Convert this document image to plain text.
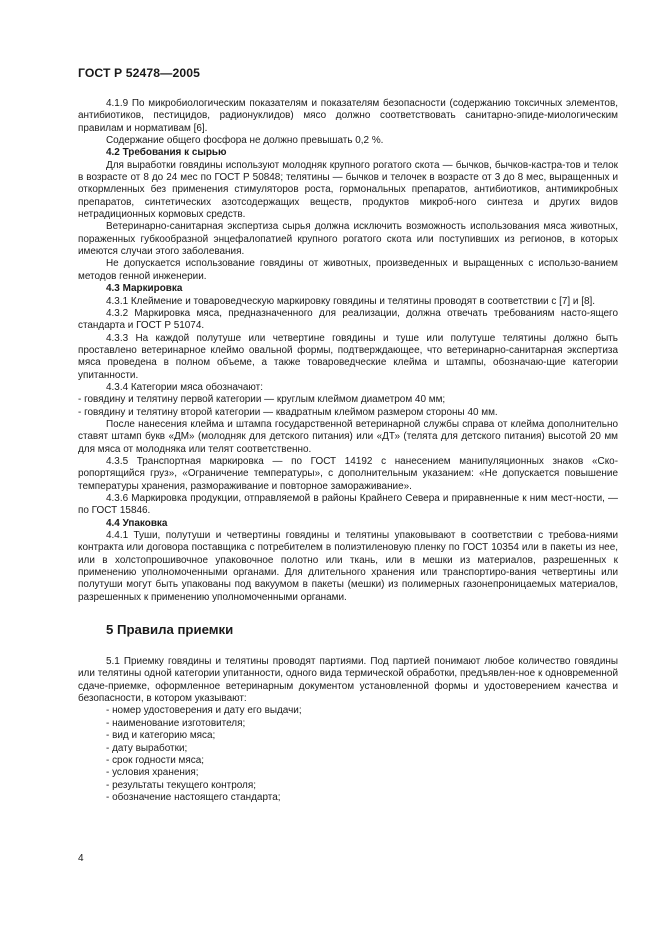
ГОСТ Р 52478—2005

4.1.9 По микробиологическим показателям и показателям безопасности (содержанию токсичных элементов, антибиотиков, пестицидов, радионуклидов) мясо должно соответствовать санитарно-эпиде-миологическим правилам и нормативам [6].

Содержание общего фосфора не должно превышать 0,2 %.

4.2 Требования к сырью

Для выработки говядины используют молодняк крупного рогатого скота — бычков, бычков-кастра-тов и телок в возрасте от 8 до 24 мес по ГОСТ Р 50848; телятины — бычков и телочек в возрасте от 3 до 8 мес, выращенных и откормленных без применения стимуляторов роста, гормональных препаратов, антибиотиков, антимикробных препаратов, синтетических азотсодержащих веществ, продуктов микроб-ного синтеза и других видов нетрадиционных кормовых средств.

Ветеринарно-санитарная экспертиза сырья должна исключить возможность использования мяса животных, пораженных губкообразной энцефалопатией крупного рогатого скота или поступивших из регионов, в которых имеются случаи этого заболевания.

Не допускается использование говядины от животных, произведенных и выращенных с использо-ванием методов генной инженерии.

4.3 Маркировка

4.3.1 Клеймение и товароведческую маркировку говядины и телятины проводят в соответствии с [7] и [8].

4.3.2 Маркировка мяса, предназначенного для реализации, должна отвечать требованиям насто-ящего стандарта и ГОСТ Р 51074.

4.3.3 На каждой полутуше или четвертине говядины и туше или полутуше телятины должно быть проставлено ветеринарное клеймо овальной формы, подтверждающее, что ветеринарно-санитарная экспертиза мяса проведена в полном объеме, а также товароведческие клейма и штампы, обозначаю-щие категории упитанности.

4.3.4 Категории мяса обозначают:

- говядину и телятину первой категории — круглым клеймом диаметром 40 мм;

- говядину и телятину второй категории — квадратным клеймом размером стороны 40 мм.

После нанесения клейма и штампа государственной ветеринарной службы справа от клейма дополнительно ставят штамп букв «ДМ» (молодняк для детского питания) или «ДТ» (телята для детского питания) высотой 20 мм для мяса от молодняка или телят соответственно.

4.3.5 Транспортная маркировка — по ГОСТ 14192 с нанесением манипуляционных знаков «Ско-ропортящийся груз», «Ограничение температуры», с дополнительным указанием: «Не допускается повышение температуры хранения, размораживание и повторное замораживание».

4.3.6 Маркировка продукции, отправляемой в районы Крайнего Севера и приравненные к ним мест-ности, — по ГОСТ 15846.

4.4 Упаковка

4.4.1 Туши, полутуши и четвертины говядины и телятины упаковывают в соответствии с требова-ниями контракта или договора поставщика с потребителем в полиэтиленовую пленку по ГОСТ 10354 или в пакеты из нее, или в холстопрошивочное упаковочное полотно или ткань, или в мешки из материалов, разрешенных к применению уполномоченными органами. Для длительного хранения или транспортиро-вания четвертины или полутуши могут быть упакованы под вакуумом в пакеты (мешки) из полимерных газонепроницаемых материалов, разрешенных к применению уполномоченными органами.

5 Правила приемки

5.1 Приемку говядины и телятины проводят партиями. Под партией понимают любое количество говядины или телятины одной категории упитанности, одного вида термической обработки, предъявлен-ное к одновременной сдаче-приемке, оформленное ветеринарным документом установленной формы и удостоверением качества и безопасности, в котором указывают:

- номер удостоверения и дату его выдачи;

- наименование изготовителя;

- вид и категорию мяса;

- дату выработки;

- срок годности мяса;

- условия хранения;

- результаты текущего контроля;

- обозначение настоящего стандарта;

4
